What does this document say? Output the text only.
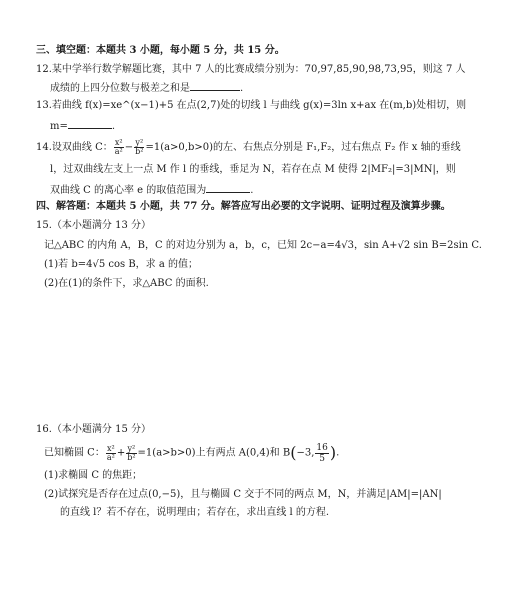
三、填空题：本题共 3 小题，每小题 5 分，共 15 分。
12.某中学举行数学解题比赛，其中 7 人的比赛成绩分别为：70,97,85,90,98,73,95，则这 7 人
成绩的上四分位数与极差之和是	.
13.若曲线 f(x)=xe^(x−1)+5 在点(2,7)处的切线 l 与曲线 g(x)=3ln x+ax 在(m,b)处相切，则
m=	.
14.设双曲线 C： $\frac{\text{x²}}{\text{a²}} - \frac{\text{y²}}{\text{b²}} =1(a>0,b>0)$的左、右焦点分别是 F₁,F₂，过右焦点 F₂ 作 x 轴的垂线
l，过双曲线左支上一点 M 作 l 的垂线，垂足为 N，若存在点 M 使得 2|MF₂|=3|MN|，则
双曲线 C 的离心率 e 的取值范围为	.
四、解答题：本题共 5 小题，共 77 分。解答应写出必要的文字说明、证明过程及演算步骤。
15.（本小题满分 13 分）
记△ABC 的内角 A，B，C 的对边分别为 a，b，c，已知 2c−a=4√3，sin A+√2 sin B=2sin C.
(1)若 b=4√5 cos B，求 a 的值；
(2)在(1)的条件下，求△ABC 的面积.
16.（本小题满分 15 分）
已知椭圆 C： $\frac{\text{x²}}{\text{a²}} + \frac{\text{y²}}{\text{b²}} =1(a>b>0)$上有两点 A(0,4)和 B(−3, $\frac{16}{5}$ ).
(1)求椭圆 C 的焦距；
(2)试探究是否存在过点(0,−5)，且与椭圆 C 交于不同的两点 M，N，并满足|AM|=|AN|
的直线 l？若不存在，说明理由；若存在，求出直线 l 的方程.
